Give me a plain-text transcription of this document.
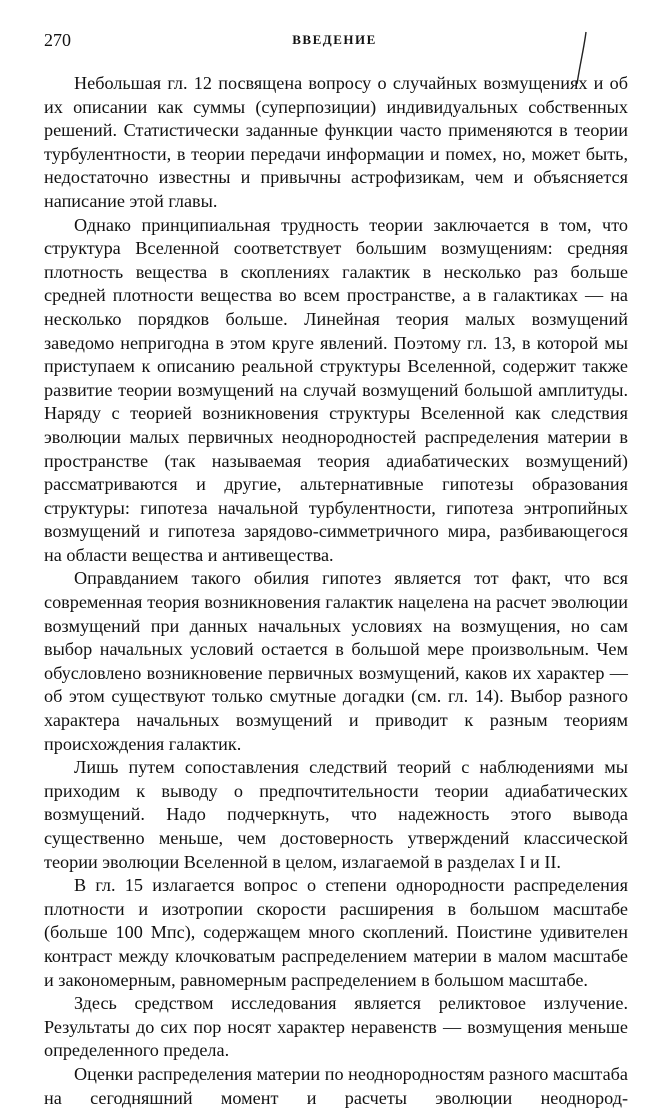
270	ВВЕДЕНИЕ

Небольшая гл. 12 посвящена вопросу о случайных возмущениях и об их описании как суммы (суперпозиции) индивидуальных собственных решений. Статистически заданные функции часто применяются в теории турбулентности, в теории передачи информации и помех, но, может быть, недостаточно известны и привычны астрофизикам, чем и объясняется написание этой главы.

Однако принципиальная трудность теории заключается в том, что структура Вселенной соответствует большим возмущениям: средняя плотность вещества в скоплениях галактик в несколько раз больше средней плотности вещества во всем пространстве, а в галактиках — на несколько порядков больше. Линейная теория малых возмущений заведомо непригодна в этом круге явлений. Поэтому гл. 13, в которой мы приступаем к описанию реальной структуры Вселенной, содержит также развитие теории возмущений на случай возмущений большой амплитуды. Наряду с теорией возникновения структуры Вселенной как следствия эволюции малых первичных неоднородностей распределения материи в пространстве (так называемая теория адиабатических возмущений) рассматриваются и другие, альтернативные гипотезы образования структуры: гипотеза начальной турбулентности, гипотеза энтропийных возмущений и гипотеза зарядово-симметричного мира, разбивающегося на области вещества и антивещества.

Оправданием такого обилия гипотез является тот факт, что вся современная теория возникновения галактик нацелена на расчет эволюции возмущений при данных начальных условиях на возмущения, но сам выбор начальных условий остается в большой мере произвольным. Чем обусловлено возникновение первичных возмущений, каков их характер — об этом существуют только смутные догадки (см. гл. 14). Выбор разного характера начальных возмущений и приводит к разным теориям происхождения галактик.

Лишь путем сопоставления следствий теорий с наблюдениями мы приходим к выводу о предпочтительности теории адиабатических возмущений. Надо подчеркнуть, что надежность этого вывода существенно меньше, чем достоверность утверждений классической теории эволюции Вселенной в целом, излагаемой в разделах I и II.

В гл. 15 излагается вопрос о степени однородности распределения плотности и изотропии скорости расширения в большом масштабе (больше 100 Мпс), содержащем много скоплений. Поистине удивителен контраст между клочковатым распределением материи в малом масштабе и закономерным, равномерным распределением в большом масштабе.

Здесь средством исследования является реликтовое излучение. Результаты до сих пор носят характер неравенств — возмущения меньше определенного предела.

Оценки распределения материи по неоднородностям разного масштаба на сегодняшний момент и расчеты эволюции неоднород-
